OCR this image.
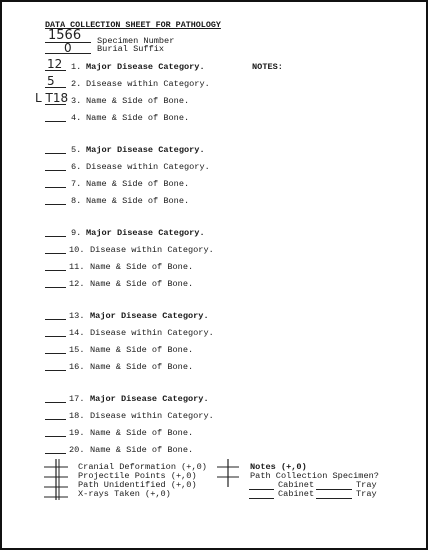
DATA COLLECTION SHEET FOR PATHOLOGY
1566 Specimen Number
0	Burial Suffix
NOTES:
12 1. Major Disease Category.
5 2. Disease within Category.
L T18 3. Name & Side of Bone.
4. Name & Side of Bone.
5. Major Disease Category.
6. Disease within Category.
7. Name & Side of Bone.
8. Name & Side of Bone.
9. Major Disease Category.
10. Disease within Category.
11. Name & Side of Bone.
12. Name & Side of Bone.
13. Major Disease Category.
14. Disease within Category.
15. Name & Side of Bone.
16. Name & Side of Bone.
17. Major Disease Category.
18. Disease within Category.
19. Name & Side of Bone.
20. Name & Side of Bone.
Cranial Deformation (+,0)
Projectile Points (+,0)
Path Unidentified (+,0)
X-rays Taken (+,0)
Notes (+,0)
Path Collection Specimen?
Cabinet	Tray
Cabinet	Tray
